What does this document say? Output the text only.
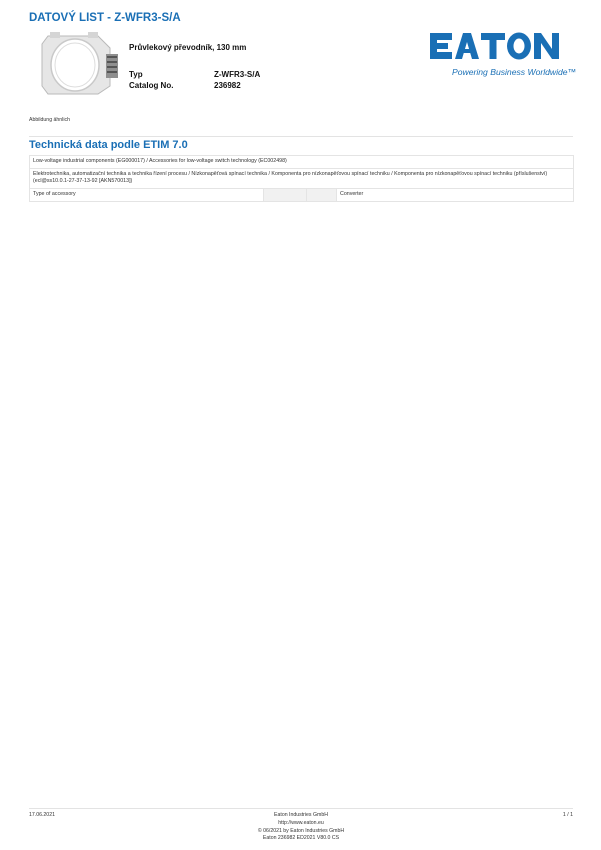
DATOVÝ LIST - Z-WFR3-S/A
Průvlekový převodník, 130 mm
Typ	Z-WFR3-S/A
Catalog No.	236982
Powering Business Worldwide™
Abbildung ähnlich
Technická data podle ETIM 7.0
Low-voltage industrial components (EG000017) / Accessories for low-voltage switch technology (EC002498)
Elektrotechnika, automatizační technika a technika řízení procesu / Nízkonapěťová spínací technika / Komponenta pro nízkonapěťovou spínací techniku / Komponenta pro nízkonapěťovou spínací techniku (příslušenství) (ecl@ss10.0.1-27-37-13-92 [AKN570013])
Type of accessory			Converter
17.06.2021	Eaton Industries GmbH
http://www.eaton.eu
© 06/2021 by Eaton Industries GmbH
Eaton 236982 ED2021 V80.0 CS
1 / 1
